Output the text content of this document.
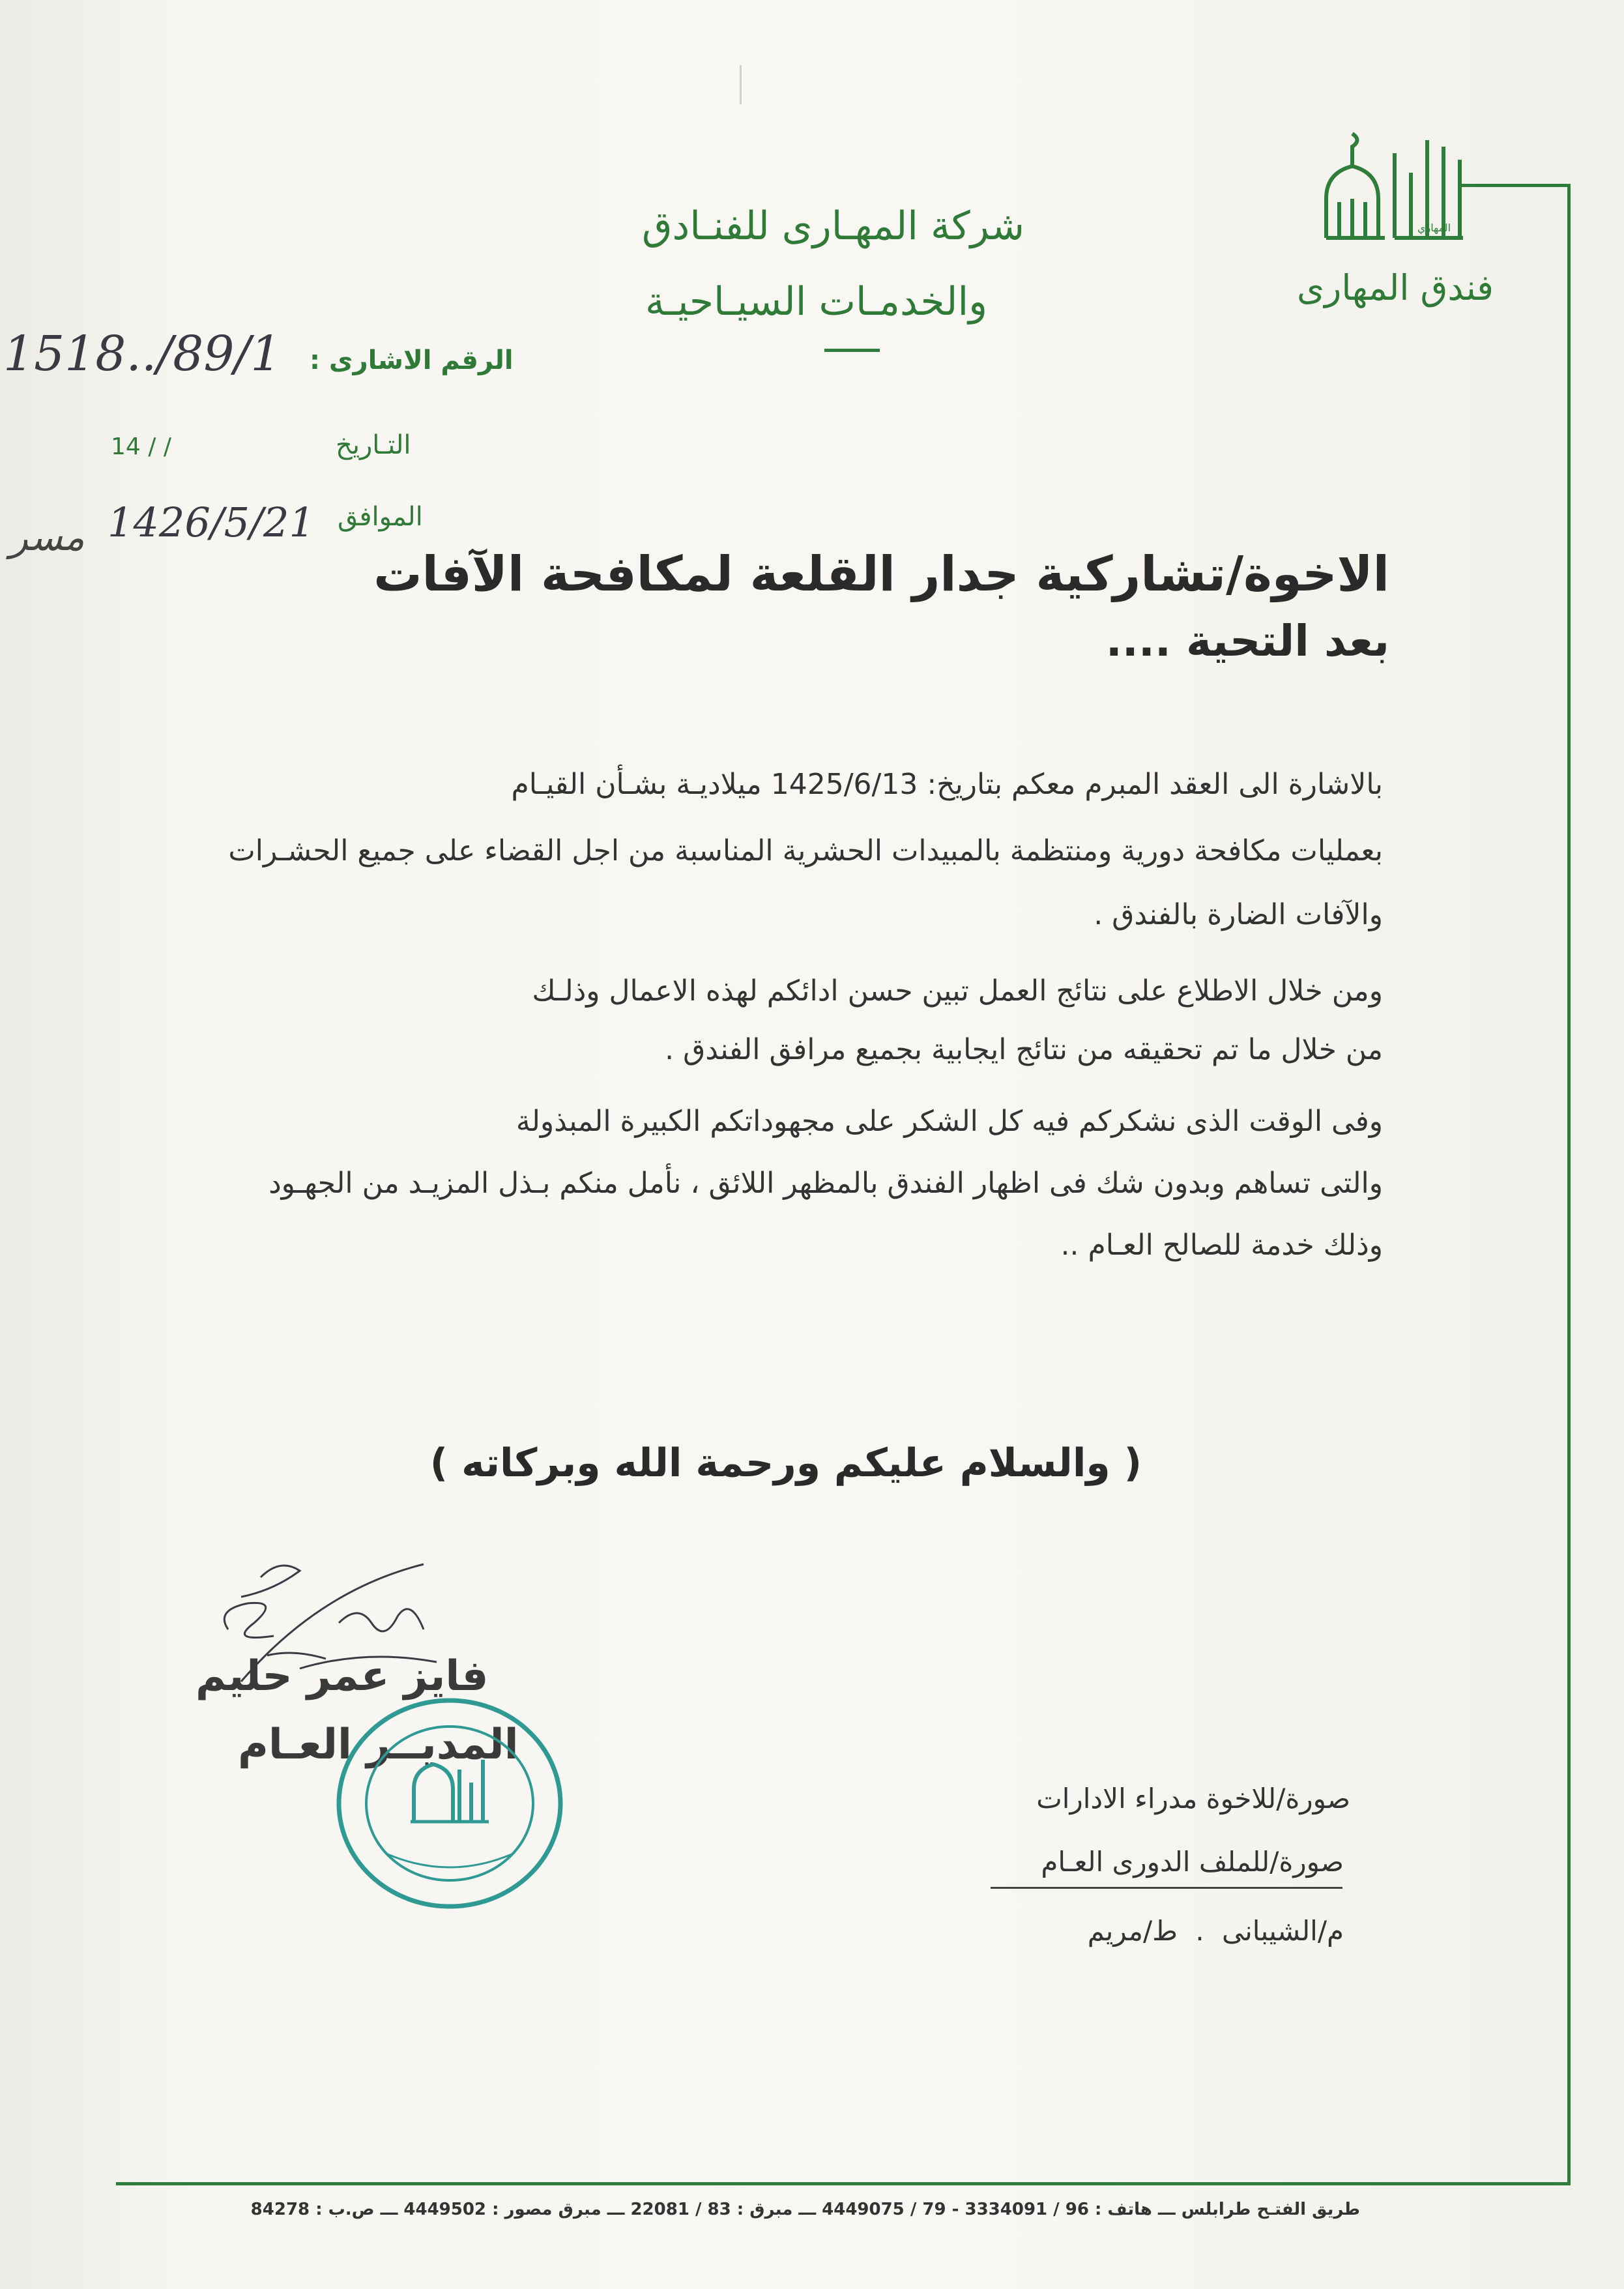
المهاري
فندق المهارى
شركة المهـارى للفنـادق
والخدمـات السيـاحيـة
الرقم الاشارى :
1518../89/1
التـاريخ
14 / /
الموافق
1426/5/21
مسر
الاخوة/تشاركية جدار القلعة لمكافحة الآفات
بعد التحية ....
بالاشارة الى العقد المبرم معكم بتاريخ: 1425/6/13 ميلاديـة بشـأن القيـام
بعمليات مكافحة دورية ومنتظمة بالمبيدات الحشرية المناسبة من اجل القضاء على جميع الحشـرات
والآفات الضارة بالفندق .
ومن خلال الاطلاع على نتائج العمل تبين حسن ادائكم لهذه الاعمال وذلـك
من خلال ما تم تحقيقه من نتائج ايجابية بجميع مرافق الفندق .
وفى الوقت الذى نشكركم فيه كل الشكر على مجهوداتكم الكبيرة المبذولة
والتى تساهم وبدون شك فى اظهار الفندق بالمظهر اللائق ، نأمل منكم بـذل المزيـد من الجهـود
وذلك خدمة للصالح العـام ..
( والسلام عليكم ورحمة الله وبركاته )
فايز عمر حليم
المديــر العـام
صورة/للاخوة مدراء الادارات
صورة/للملف الدورى العـام
م/الشيبانى . ط/مريم
طريق الفتـح طرابلس ـــ هاتف : 96 / 3334091 - 79 / 4449075 ـــ مبرق : 83 / 22081 ـــ مبرق مصور : 4449502 ـــ ص.ب : 84278
